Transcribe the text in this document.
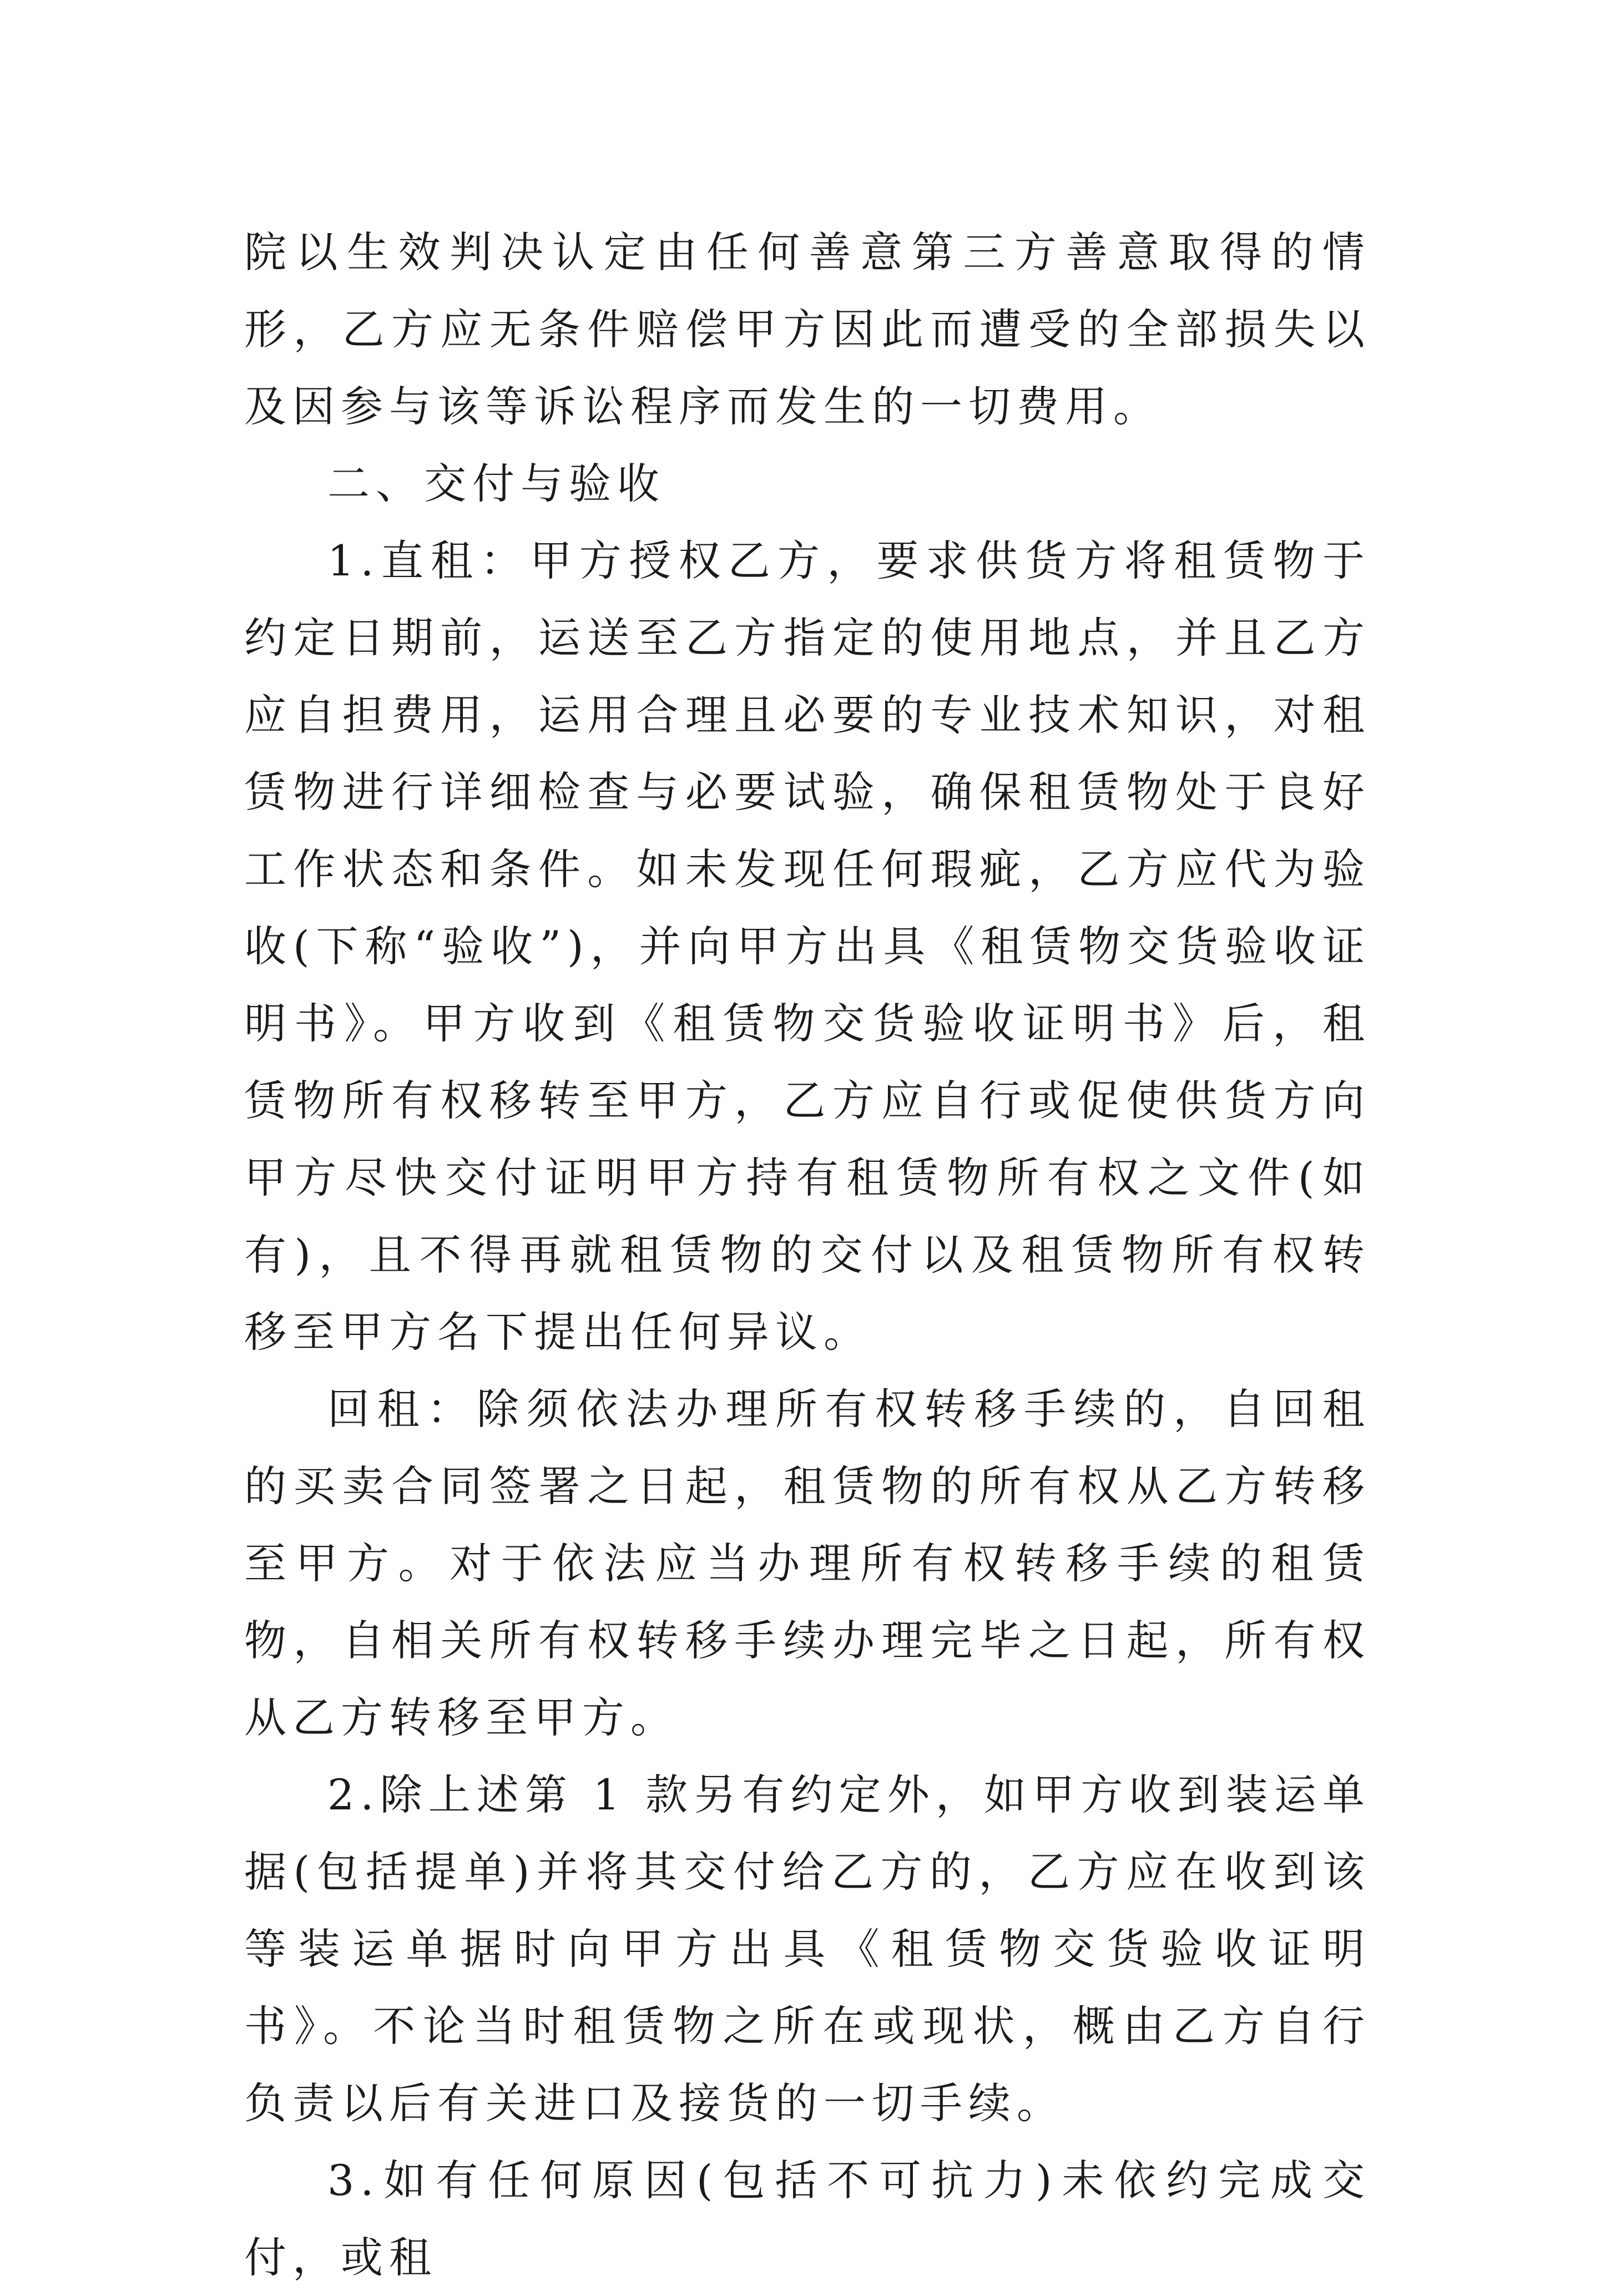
院以生效判决认定由任何善意第三方善意取得的情形，乙方应无条件赔偿甲方因此而遭受的全部损失以及因参与该等诉讼程序而发生的一切费用。

二、交付与验收

1.直租：甲方授权乙方，要求供货方将租赁物于约定日期前，运送至乙方指定的使用地点，并且乙方应自担费用，运用合理且必要的专业技术知识，对租赁物进行详细检查与必要试验，确保租赁物处于良好工作状态和条件。如未发现任何瑕疵，乙方应代为验收(下称“验收”)，并向甲方出具《租赁物交货验收证明书》。甲方收到《租赁物交货验收证明书》后，租赁物所有权移转至甲方，乙方应自行或促使供货方向甲方尽快交付证明甲方持有租赁物所有权之文件(如有)，且不得再就租赁物的交付以及租赁物所有权转移至甲方名下提出任何异议。

回租：除须依法办理所有权转移手续的，自回租的买卖合同签署之日起，租赁物的所有权从乙方转移至甲方。对于依法应当办理所有权转移手续的租赁物，自相关所有权转移手续办理完毕之日起，所有权从乙方转移至甲方。

2.除上述第 1 款另有约定外，如甲方收到装运单据(包括提单)并将其交付给乙方的，乙方应在收到该等装运单据时向甲方出具《租赁物交货验收证明书》。不论当时租赁物之所在或现状，概由乙方自行负责以后有关进口及接货的一切手续。

3.如有任何原因(包括不可抗力)未依约完成交付，或租
